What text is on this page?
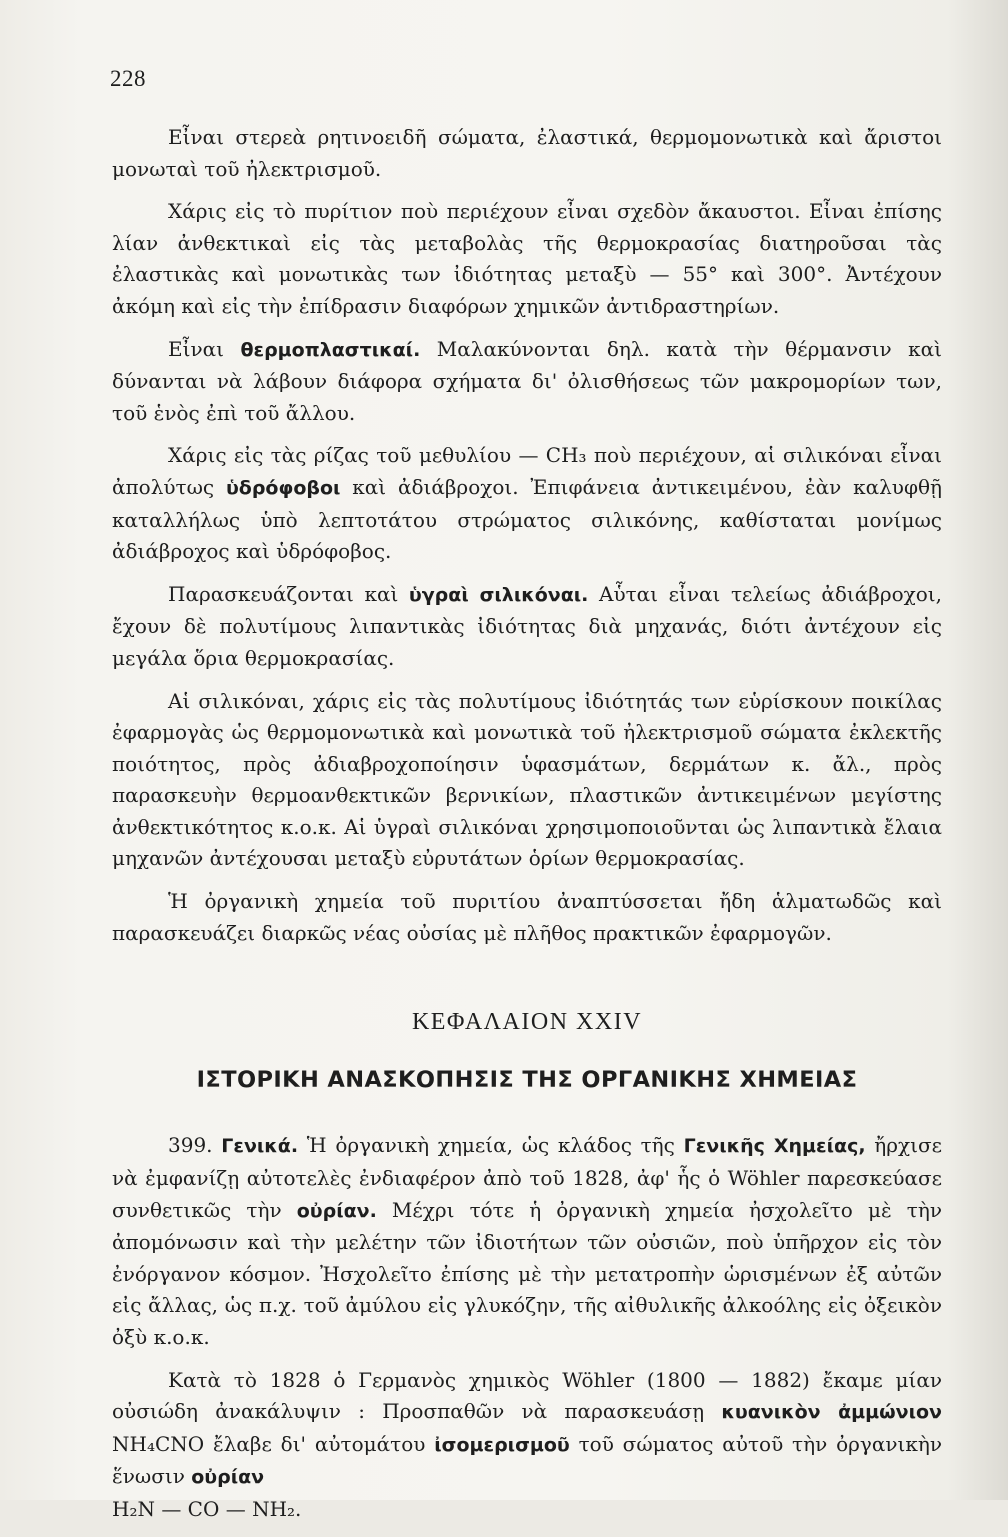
228

Εἶναι στερεὰ ρητινοειδῆ σώματα, ἐλαστικά, θερμομονωτικὰ καὶ ἄριστοι μονωταὶ τοῦ ἠλεκτρισμοῦ.

Χάρις εἰς τὸ πυρίτιον ποὺ περιέχουν εἶναι σχεδὸν ἄκαυστοι. Εἶναι ἐπίσης λίαν ἀνθεκτικαὶ εἰς τὰς μεταβολὰς τῆς θερμοκρασίας διατηροῦσαι τὰς ἐλαστικὰς καὶ μονωτικὰς των ἰδιότητας μεταξὺ — 55° καὶ 300°. Ἀντέχουν ἀκόμη καὶ εἰς τὴν ἐπίδρασιν διαφόρων χημικῶν ἀντιδραστηρίων.

Εἶναι θερμοπλαστικαί. Μαλακύνονται δηλ. κατὰ τὴν θέρμανσιν καὶ δύνανται νὰ λάβουν διάφορα σχήματα δι' ὀλισθήσεως τῶν μακρομορίων των, τοῦ ἑνὸς ἐπὶ τοῦ ἄλλου.

Χάρις εἰς τὰς ρίζας τοῦ μεθυλίου — CH₃ ποὺ περιέχουν, αἱ σιλικόναι εἶναι ἀπολύτως ὑδρόφοβοι καὶ ἀδιάβροχοι. Ἐπιφάνεια ἀντικειμένου, ἐὰν καλυφθῇ καταλλήλως ὑπὸ λεπτοτάτου στρώματος σιλικόνης, καθίσταται μονίμως ἀδιάβροχος καὶ ὑδρόφοβος.

Παρασκευάζονται καὶ ὑγραὶ σιλικόναι. Αὗται εἶναι τελείως ἀδιάβροχοι, ἔχουν δὲ πολυτίμους λιπαντικὰς ἰδιότητας διὰ μηχανάς, διότι ἀντέχουν εἰς μεγάλα ὅρια θερμοκρασίας.

Αἱ σιλικόναι, χάρις εἰς τὰς πολυτίμους ἰδιότητάς των εὑρίσκουν ποικίλας ἐφαρμογὰς ὡς θερμομονωτικὰ καὶ μονωτικὰ τοῦ ἠλεκτρισμοῦ σώματα ἐκλεκτῆς ποιότητος, πρὸς ἀδιαβροχοποίησιν ὑφασμάτων, δερμάτων κ. ἄλ., πρὸς παρασκευὴν θερμοανθεκτικῶν βερνικίων, πλαστικῶν ἀντικειμένων μεγίστης ἀνθεκτικότητος κ.ο.κ. Αἱ ὑγραὶ σιλικόναι χρησιμοποιοῦνται ὡς λιπαντικὰ ἔλαια μηχανῶν ἀντέχουσαι μεταξὺ εὐρυτάτων ὁρίων θερμοκρασίας.

Ἡ ὀργανικὴ χημεία τοῦ πυριτίου ἀναπτύσσεται ἤδη ἁλματωδῶς καὶ παρασκευάζει διαρκῶς νέας οὐσίας μὲ πλῆθος πρακτικῶν ἐφαρμογῶν.

ΚΕΦΑΛΑΙΟΝ XXIV

ΙΣΤΟΡΙΚΗ ΑΝΑΣΚΟΠΗΣΙΣ ΤΗΣ ΟΡΓΑΝΙΚΗΣ ΧΗΜΕΙΑΣ

399. Γενικά. Ἡ ὀργανικὴ χημεία, ὡς κλάδος τῆς Γενικῆς Χημείας, ἤρχισε νὰ ἐμφανίζῃ αὐτοτελὲς ἐνδιαφέρον ἀπὸ τοῦ 1828, ἀφ' ἧς ὁ Wöhler παρεσκεύασε συνθετικῶς τὴν οὐρίαν. Μέχρι τότε ἡ ὀργανικὴ χημεία ἠσχολεῖτο μὲ τὴν ἀπομόνωσιν καὶ τὴν μελέτην τῶν ἰδιοτήτων τῶν οὐσιῶν, ποὺ ὑπῆρχον εἰς τὸν ἐνόργανον κόσμον. Ἠσχολεῖτο ἐπίσης μὲ τὴν μετατροπὴν ὡρισμένων ἐξ αὐτῶν εἰς ἄλλας, ὡς π.χ. τοῦ ἀμύλου εἰς γλυκόζην, τῆς αἰθυλικῆς ἀλκοόλης εἰς ὀξεικὸν ὀξὺ κ.ο.κ.

Κατὰ τὸ 1828 ὁ Γερμανὸς χημικὸς Wöhler (1800 — 1882) ἔκαμε μίαν οὐσιώδη ἀνακάλυψιν : Προσπαθῶν νὰ παρασκευάσῃ κυανικὸν ἀμμώνιον NH₄CNO ἔλαβε δι' αὐτομάτου ἰσομερισμοῦ τοῦ σώματος αὐτοῦ τὴν ὀργανικὴν ἕνωσιν οὐρίαν
H₂N — CO — NH₂.
